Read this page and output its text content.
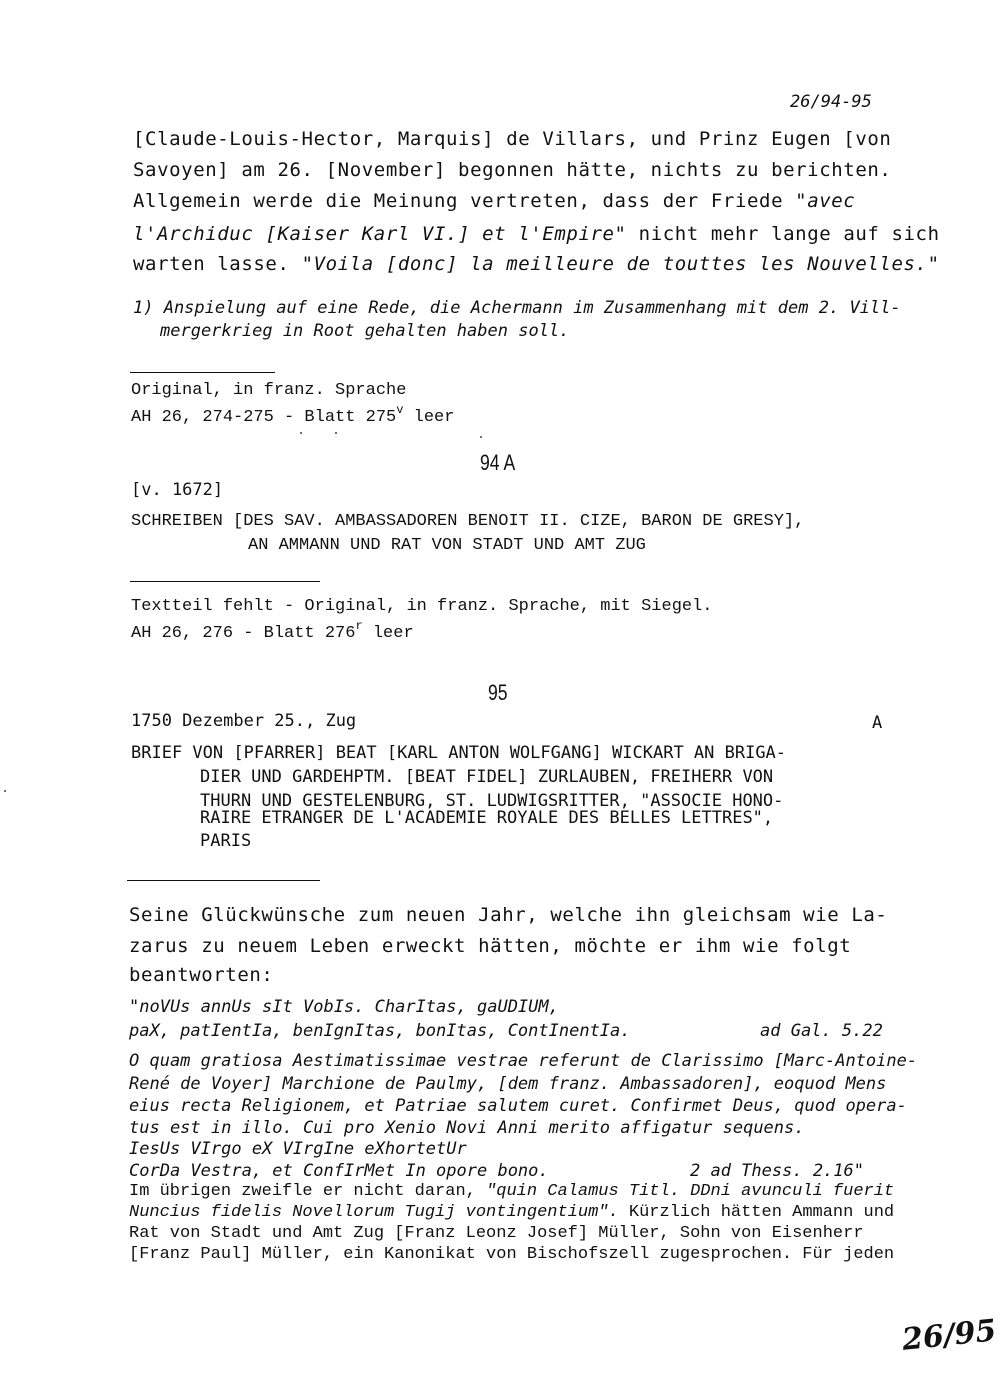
26/94-95
[Claude-Louis-Hector, Marquis] de Villars, und Prinz Eugen [von
Savoyen] am 26. [November] begonnen hätte, nichts zu berichten.
Allgemein werde die Meinung vertreten, dass der Friede "avec
l'Archiduc [Kaiser Karl VI.] et l'Empire" nicht mehr lange auf sich
warten lasse. "Voila [donc] la meilleure de touttes les Nouvelles."
1) Anspielung auf eine Rede, die Achermann im Zusammenhang mit dem 2. Vill-
mergerkrieg in Root gehalten haben soll.
Original, in franz. Sprache
AH 26, 274-275 - Blatt 275$^v$ leer
94 A
[v. 1672]
SCHREIBEN [DES SAV. AMBASSADOREN BENOIT II. CIZE, BARON DE GRESY],
AN AMMANN UND RAT VON STADT UND AMT ZUG
Textteil fehlt - Original, in franz. Sprache, mit Siegel.
AH 26, 276 - Blatt 276$^r$ leer
95
1750 Dezember 25., Zug	A
BRIEF VON [PFARRER] BEAT [KARL ANTON WOLFGANG] WICKART AN BRIGA-
DIER UND GARDEHPTM. [BEAT FIDEL] ZURLAUBEN, FREIHERR VON
THURN UND GESTELENBURG, ST. LUDWIGSRITTER, "ASSOCIE HONO-
RAIRE ETRANGER DE L'ACADEMIE ROYALE DES BELLES LETTRES",
PARIS
Seine Glückwünsche zum neuen Jahr, welche ihn gleichsam wie La-
zarus zu neuem Leben erweckt hätten, möchte er ihm wie folgt
beantworten:
"noVUs annUs sIt VobIs. CharItas, gaUDIUM,
paX, patIentIa, benIgnItas, bonItas, ContInentIa.	ad Gal. 5.22
O quam gratiosa Aestimatissimae vestrae referunt de Clarissimo [Marc-Antoine-
René de Voyer] Marchione de Paulmy, [dem franz. Ambassadoren], eoquod Mens
eius recta Religionem, et Patriae salutem curet. Confirmet Deus, quod opera-
tus est in illo. Cui pro Xenio Novi Anni merito affigatur sequens.
IesUs VIrgo eX VIrgIne eXhortetUr
CorDa Vestra, et ConfIrMet In opore bono.	2 ad Thess. 2.16"
Im übrigen zweifle er nicht daran, "quin Calamus Titl. DDni avunculi fuerit
Nuncius fidelis Novellorum Tugij vontingentium". Kürzlich hätten Ammann und
Rat von Stadt und Amt Zug [Franz Leonz Josef] Müller, Sohn von Eisenherr
[Franz Paul] Müller, ein Kanonikat von Bischofszell zugesprochen. Für jeden
26/95
